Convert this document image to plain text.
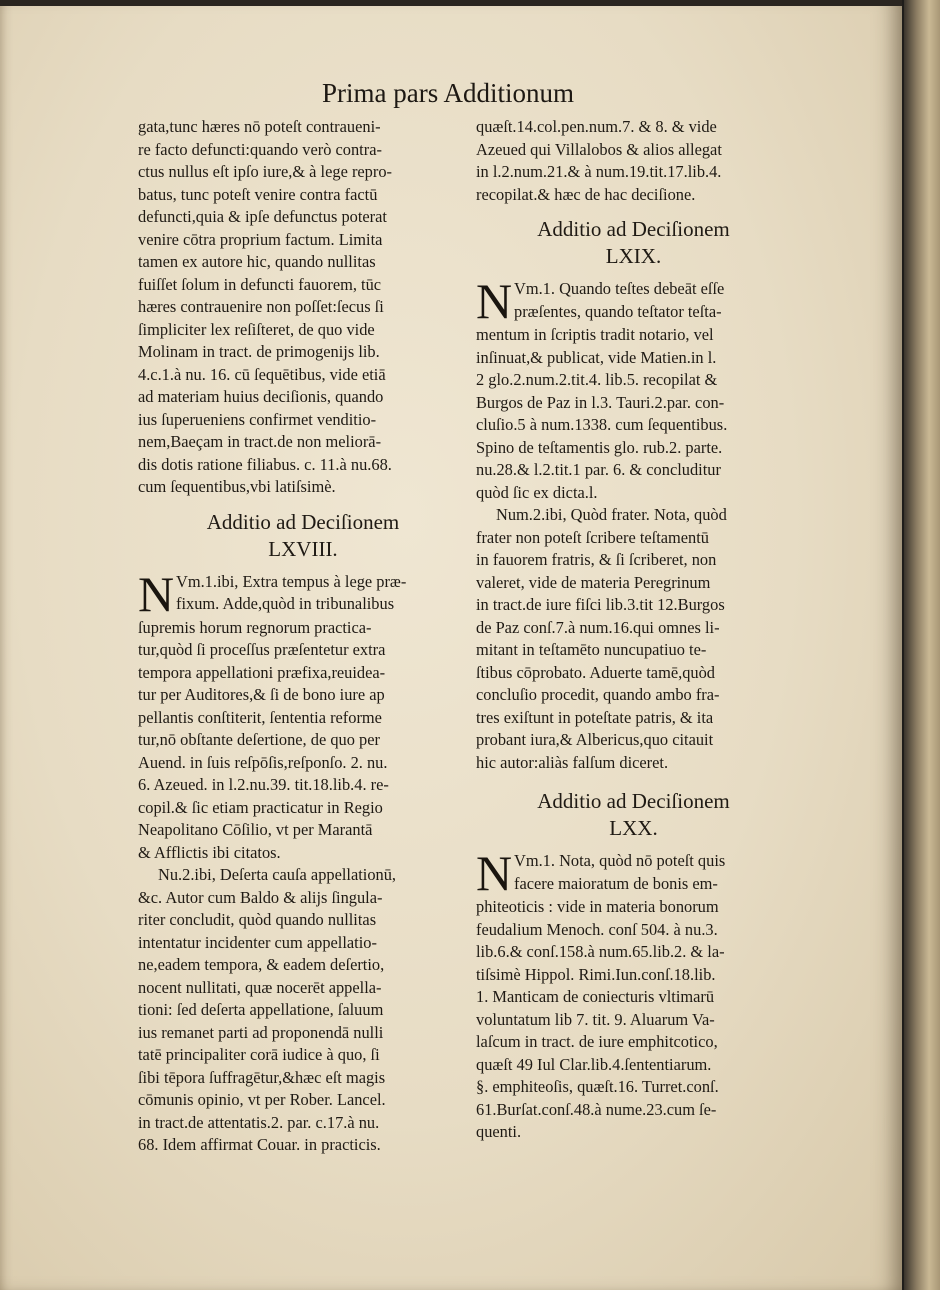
Prima pars Additionum
gata,tunc hæres nō poteſt contraueni-
re facto defuncti:quando verò contra-
ctus nullus eſt ipſo iure,& à lege repro-
batus, tunc poteſt venire contra factū
defuncti,quia & ipſe defunctus poterat
venire cōtra proprium factum. Limita
tamen ex autore hic, quando nullitas
fuiſſet ſolum in defuncti fauorem, tūc
hæres contrauenire non poſſet:ſecus ſi
ſimpliciter lex reſiſteret, de quo vide
Molinam in tract. de primogenijs lib.
4.c.1.à nu. 16. cū ſequētibus, vide etiā
ad materiam huius deciſionis, quando
ius ſuperueniens confirmet venditio-
nem,Baeçam in tract.de non meliorā-
dis dotis ratione filiabus. c. 11.à nu.68.
cum ſequentibus,vbi latiſsimè.
Additio ad Deciſionem
LXVIII.
N Vm.1.ibi, Extra tempus à lege præ-
fixum. Adde,quòd in tribunalibus
ſupremis horum regnorum practica-
tur,quòd ſi proceſſus præſentetur extra
tempora appellationi præfixa,reuidea-
tur per Auditores,& ſi de bono iure ap
pellantis conſtiterit, ſententia reforme
tur,nō obſtante deſertione, de quo per
Auend. in ſuis reſpōſis,reſponſo. 2. nu.
6. Azeued. in l.2.nu.39. tit.18.lib.4. re-
copil.& ſic etiam practicatur in Regio
Neapolitano Cōſilio, vt per Marantā
& Afflictis ibi citatos.
Nu.2.ibi, Deſerta cauſa appellationū,
&c. Autor cum Baldo & alijs ſingula-
riter concludit, quòd quando nullitas
intentatur incidenter cum appellatio-
ne,eadem tempora, & eadem deſertio,
nocent nullitati, quæ nocerēt appella-
tioni: ſed deſerta appellatione, ſaluum
ius remanet parti ad proponendā nulli
tatē principaliter corā iudice à quo, ſi
ſibi tēpora ſuffragētur,&hæc eſt magis
cōmunis opinio, vt per Rober. Lancel.
in tract.de attentatis.2. par. c.17.à nu.
68. Idem affirmat Couar. in practicis.
quæſt.14.col.pen.num.7. & 8. & vide
Azeued qui Villalobos & alios allegat
in l.2.num.21.& à num.19.tit.17.lib.4.
recopilat.& hæc de hac deciſione.
Additio ad Deciſionem
LXIX.
N Vm.1. Quando teſtes debeāt eſſe
præſentes, quando teſtator teſta-
mentum in ſcriptis tradit notario, vel
inſinuat,& publicat, vide Matien.in l.
2 glo.2.num.2.tit.4. lib.5. recopilat &
Burgos de Paz in l.3. Tauri.2.par. con-
cluſio.5 à num.1338. cum ſequentibus.
Spino de teſtamentis glo. rub.2. parte.
nu.28.& l.2.tit.1 par. 6. & concluditur
quòd ſic ex dicta.l.
Num.2.ibi, Quòd frater. Nota, quòd
frater non poteſt ſcribere teſtamentū
in fauorem fratris, & ſi ſcriberet, non
valeret, vide de materia Peregrinum
in tract.de iure fiſci lib.3.tit 12.Burgos
de Paz conſ.7.à num.16.qui omnes li-
mitant in teſtamēto nuncupatiuo te-
ſtibus cōprobato. Aduerte tamē,quòd
concluſio procedit, quando ambo fra-
tres exiſtunt in poteſtate patris, & ita
probant iura,& Albericus,quo citauit
hic autor:aliàs falſum diceret.
Additio ad Deciſionem
LXX.
N Vm.1. Nota, quòd nō poteſt quis
facere maioratum de bonis em-
phiteoticis : vide in materia bonorum
feudalium Menoch. conſ 504. à nu.3.
lib.6.& conſ.158.à num.65.lib.2. & la-
tiſsimè Hippol. Rimi.Iun.conſ.18.lib.
1. Manticam de coniecturis vltimarū
voluntatum lib 7. tit. 9. Aluarum Va-
laſcum in tract. de iure emphitcotico,
quæſt 49 Iul Clar.lib.4.ſententiarum.
§. emphiteoſis, quæſt.16. Turret.conſ.
61.Burſat.conſ.48.à nume.23.cum ſe-
quenti.
